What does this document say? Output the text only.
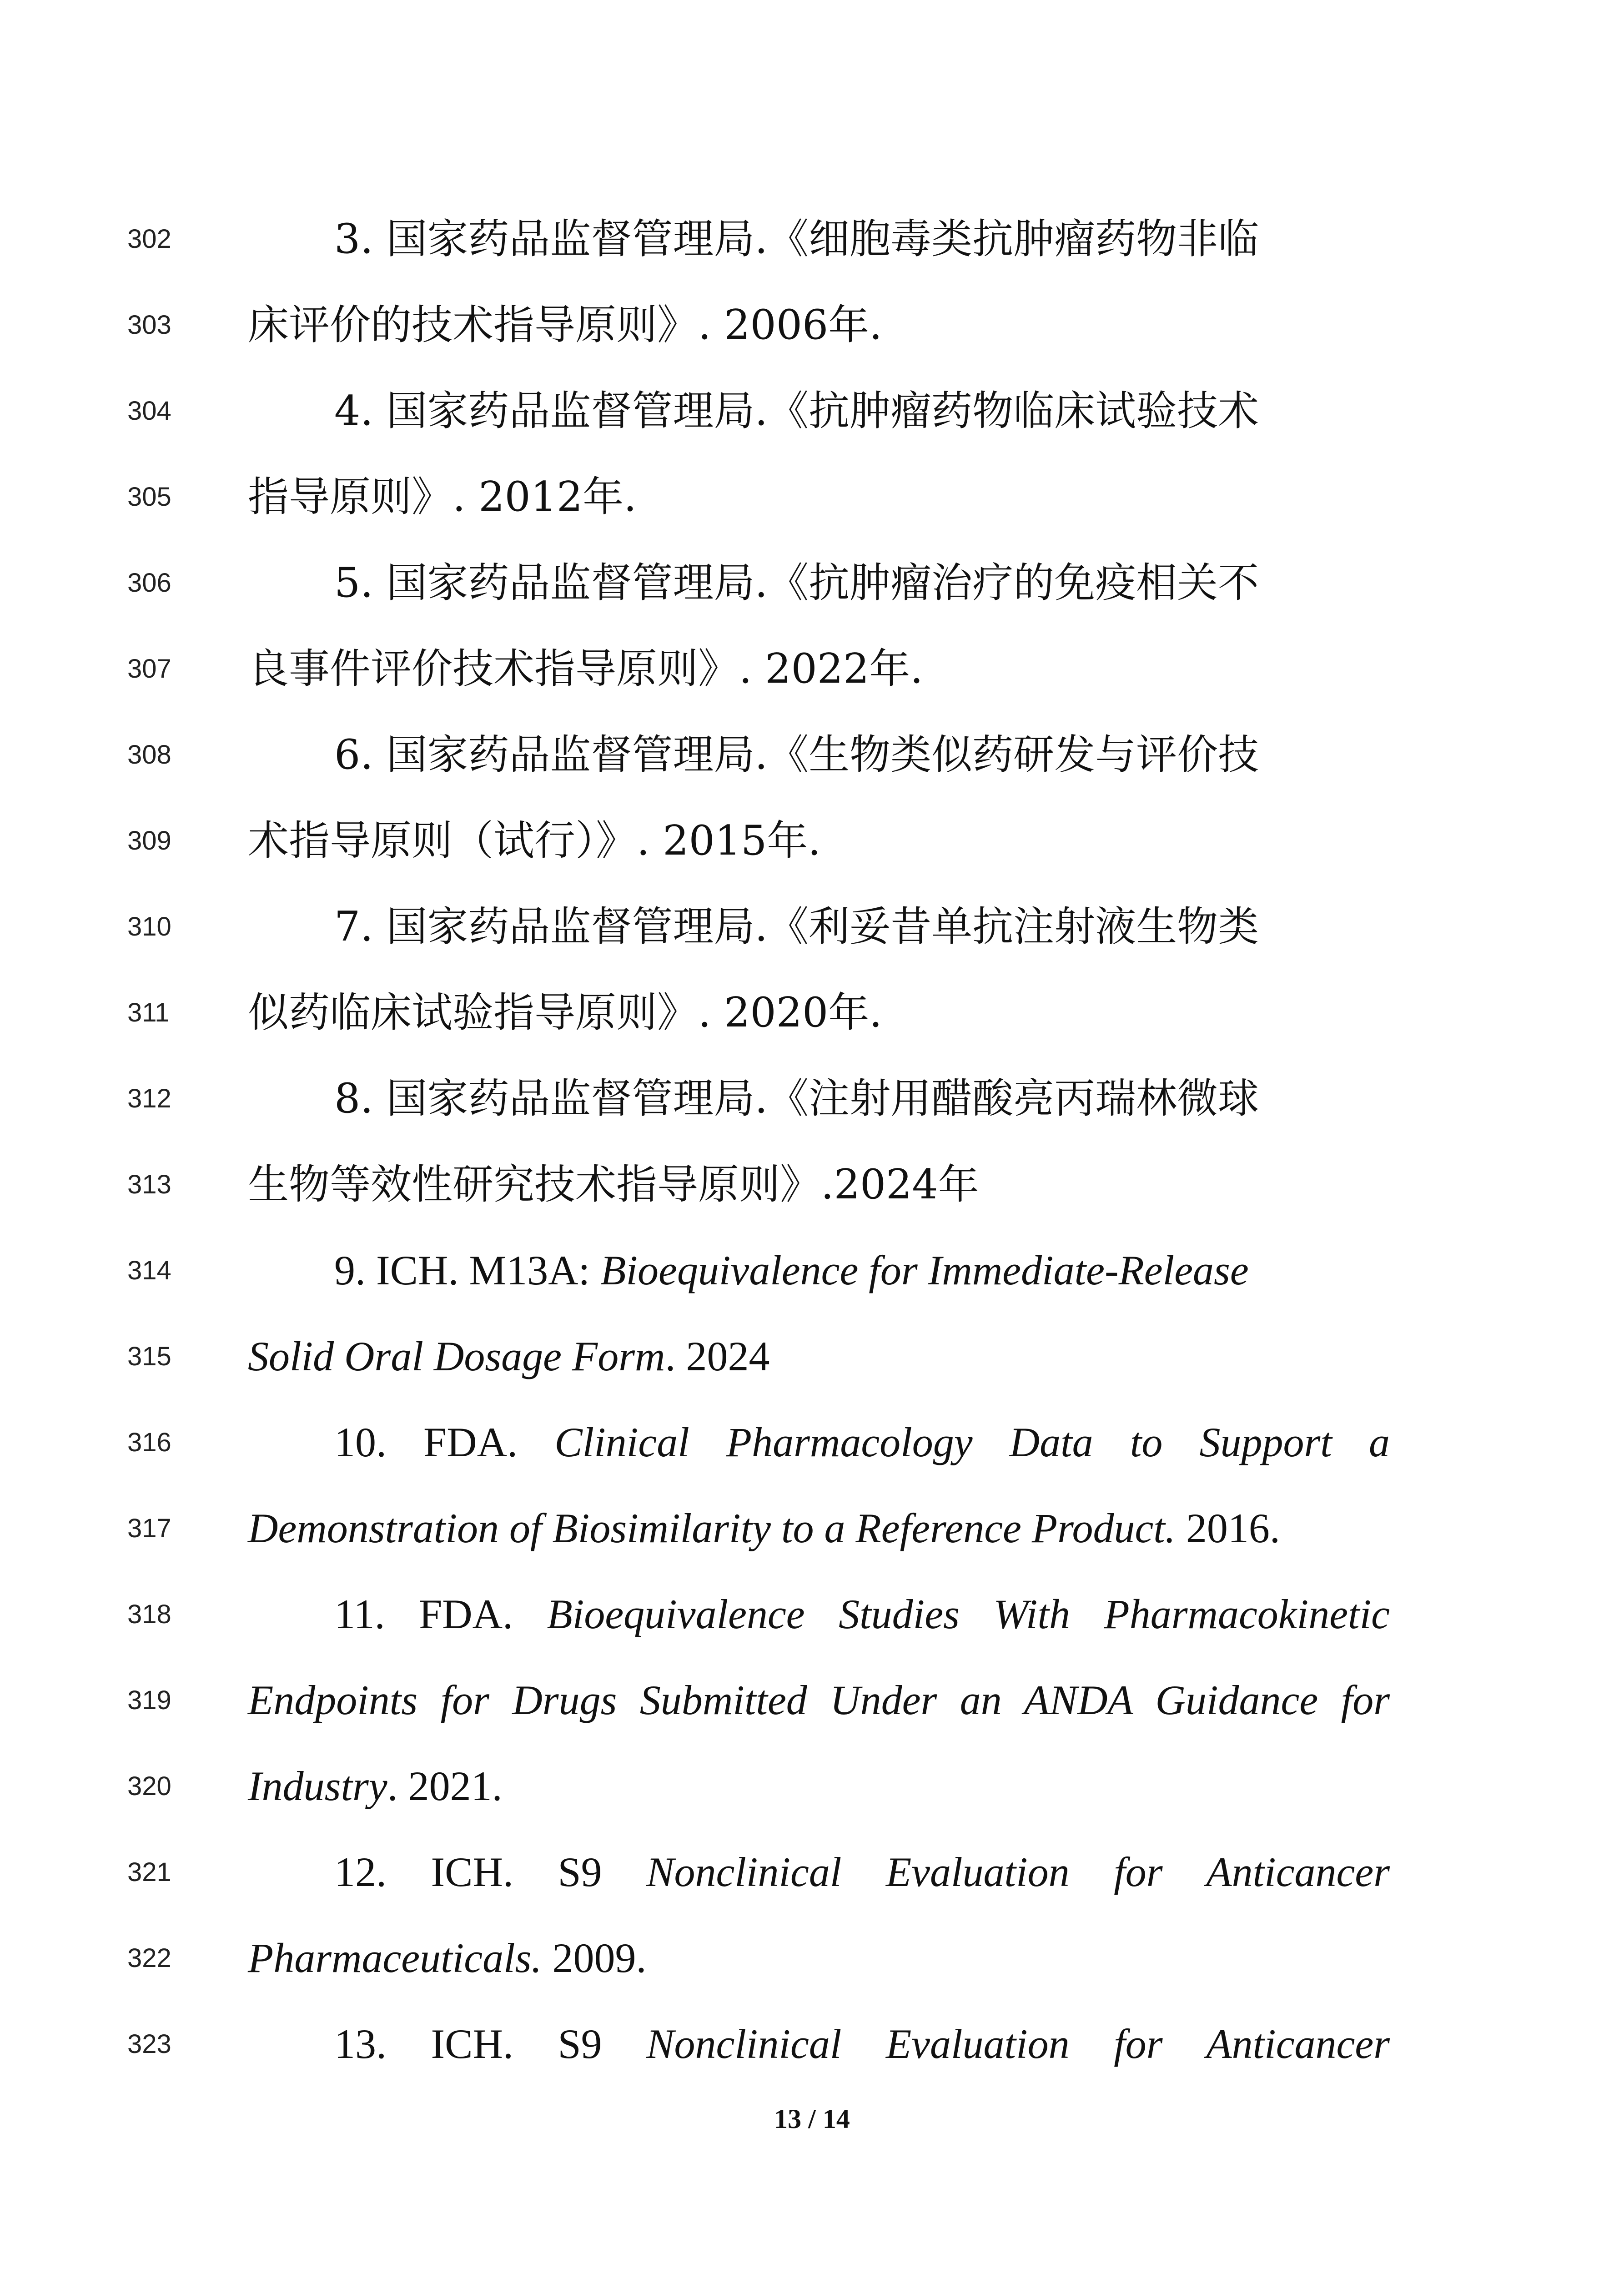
302	3. 国家药品监督管理局.《细胞毒类抗肿瘤药物非临
303	床评价的技术指导原则》. 2006年.
304	4. 国家药品监督管理局.《抗肿瘤药物临床试验技术
305	指导原则》. 2012年.
306	5. 国家药品监督管理局.《抗肿瘤治疗的免疫相关不
307	良事件评价技术指导原则》. 2022年.
308	6. 国家药品监督管理局.《生物类似药研发与评价技
309	术指导原则（试行）》. 2015年.
310	7. 国家药品监督管理局.《利妥昔单抗注射液生物类
311	似药临床试验指导原则》. 2020年.
312	8. 国家药品监督管理局.《注射用醋酸亮丙瑞林微球
313	生物等效性研究技术指导原则》.2024年
314	9. ICH. M13A: Bioequivalence for Immediate-Release
315	Solid Oral Dosage Form. 2024
316	10. FDA. Clinical Pharmacology Data to Support a
317	Demonstration of Biosimilarity to a Reference Product. 2016.
318	11. FDA. Bioequivalence Studies With Pharmacokinetic
319	Endpoints for Drugs Submitted Under an ANDA Guidance for
320	Industry. 2021.
321	12. ICH. S9 Nonclinical Evaluation for Anticancer
322	Pharmaceuticals. 2009.
323	13. ICH. S9 Nonclinical Evaluation for Anticancer
13 / 14
